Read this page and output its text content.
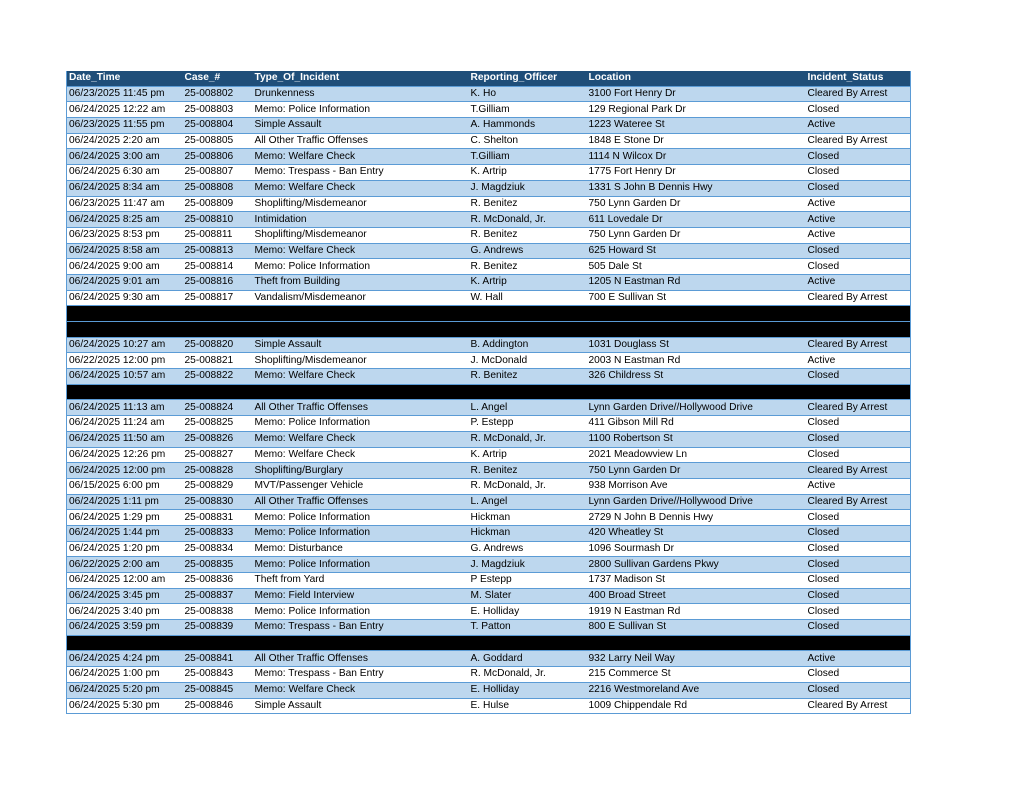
Date_Time	Case_#	Type_Of_Incident	Reporting_Officer	Location	Incident_Status
06/23/2025 11:45 pm	25-008802	Drunkenness	K. Ho	3100 Fort Henry Dr	Cleared By Arrest
06/24/2025 12:22 am	25-008803	Memo: Police Information	T.Gilliam	129 Regional Park Dr	Closed
06/23/2025 11:55 pm	25-008804	Simple Assault	A. Hammonds	1223 Wateree St	Active
06/24/2025 2:20 am	25-008805	All Other Traffic Offenses	C. Shelton	1848 E Stone Dr	Cleared By Arrest
06/24/2025 3:00 am	25-008806	Memo: Welfare Check	T.Gilliam	1114 N Wilcox Dr	Closed
06/24/2025 6:30 am	25-008807	Memo: Trespass - Ban Entry	K. Artrip	1775 Fort Henry Dr	Closed
06/24/2025 8:34 am	25-008808	Memo: Welfare Check	J. Magdziuk	1331 S John B Dennis Hwy	Closed
06/23/2025 11:47 am	25-008809	Shoplifting/Misdemeanor	R. Benitez	750 Lynn Garden Dr	Active
06/24/2025 8:25 am	25-008810	Intimidation	R. McDonald, Jr.	611 Lovedale Dr	Active
06/23/2025 8:53 pm	25-008811	Shoplifting/Misdemeanor	R. Benitez	750 Lynn Garden Dr	Active
06/24/2025 8:58 am	25-008813	Memo: Welfare Check	G. Andrews	625 Howard St	Closed
06/24/2025 9:00 am	25-008814	Memo: Police Information	R. Benitez	505 Dale St	Closed
06/24/2025 9:01 am	25-008816	Theft from Building	K. Artrip	1205 N Eastman Rd	Active
06/24/2025 9:30 am	25-008817	Vandalism/Misdemeanor	W. Hall	700 E Sullivan St	Cleared By Arrest

06/24/2025 10:27 am	25-008820	Simple Assault	B. Addington	1031 Douglass St	Cleared By Arrest
06/22/2025 12:00 pm	25-008821	Shoplifting/Misdemeanor	J. McDonald	2003 N Eastman Rd	Active
06/24/2025 10:57 am	25-008822	Memo: Welfare Check	R. Benitez	326 Childress St	Closed

06/24/2025 11:13 am	25-008824	All Other Traffic Offenses	L. Angel	Lynn Garden Drive//Hollywood Drive	Cleared By Arrest
06/24/2025 11:24 am	25-008825	Memo: Police Information	P. Estepp	411 Gibson Mill Rd	Closed
06/24/2025 11:50 am	25-008826	Memo: Welfare Check	R. McDonald, Jr.	1100 Robertson St	Closed
06/24/2025 12:26 pm	25-008827	Memo: Welfare Check	K. Artrip	2021 Meadowview Ln	Closed
06/24/2025 12:00 pm	25-008828	Shoplifting/Burglary	R. Benitez	750 Lynn Garden Dr	Cleared By Arrest
06/15/2025 6:00 pm	25-008829	MVT/Passenger Vehicle	R. McDonald, Jr.	938 Morrison Ave	Active
06/24/2025 1:11 pm	25-008830	All Other Traffic Offenses	L. Angel	Lynn Garden Drive//Hollywood Drive	Cleared By Arrest
06/24/2025 1:29 pm	25-008831	Memo: Police Information	Hickman	2729 N John B Dennis Hwy	Closed
06/24/2025 1:44 pm	25-008833	Memo: Police Information	Hickman	420 Wheatley St	Closed
06/24/2025 1:20 pm	25-008834	Memo: Disturbance	G. Andrews	1096 Sourmash Dr	Closed
06/22/2025 2:00 am	25-008835	Memo: Police Information	J. Magdziuk	2800 Sullivan Gardens Pkwy	Closed
06/24/2025 12:00 am	25-008836	Theft from Yard	P Estepp	1737 Madison St	Closed
06/24/2025 3:45 pm	25-008837	Memo: Field Interview	M. Slater	400 Broad Street	Closed
06/24/2025 3:40 pm	25-008838	Memo: Police Information	E. Holliday	1919 N Eastman Rd	Closed
06/24/2025 3:59 pm	25-008839	Memo: Trespass - Ban Entry	T. Patton	800 E Sullivan St	Closed

06/24/2025 4:24 pm	25-008841	All Other Traffic Offenses	A. Goddard	932 Larry Neil Way	Active
06/24/2025 1:00 pm	25-008843	Memo: Trespass - Ban Entry	R. McDonald, Jr.	215 Commerce St	Closed
06/24/2025 5:20 pm	25-008845	Memo: Welfare Check	E. Holliday	2216 Westmoreland Ave	Closed
06/24/2025 5:30 pm	25-008846	Simple Assault	E. Hulse	1009 Chippendale Rd	Cleared By Arrest
